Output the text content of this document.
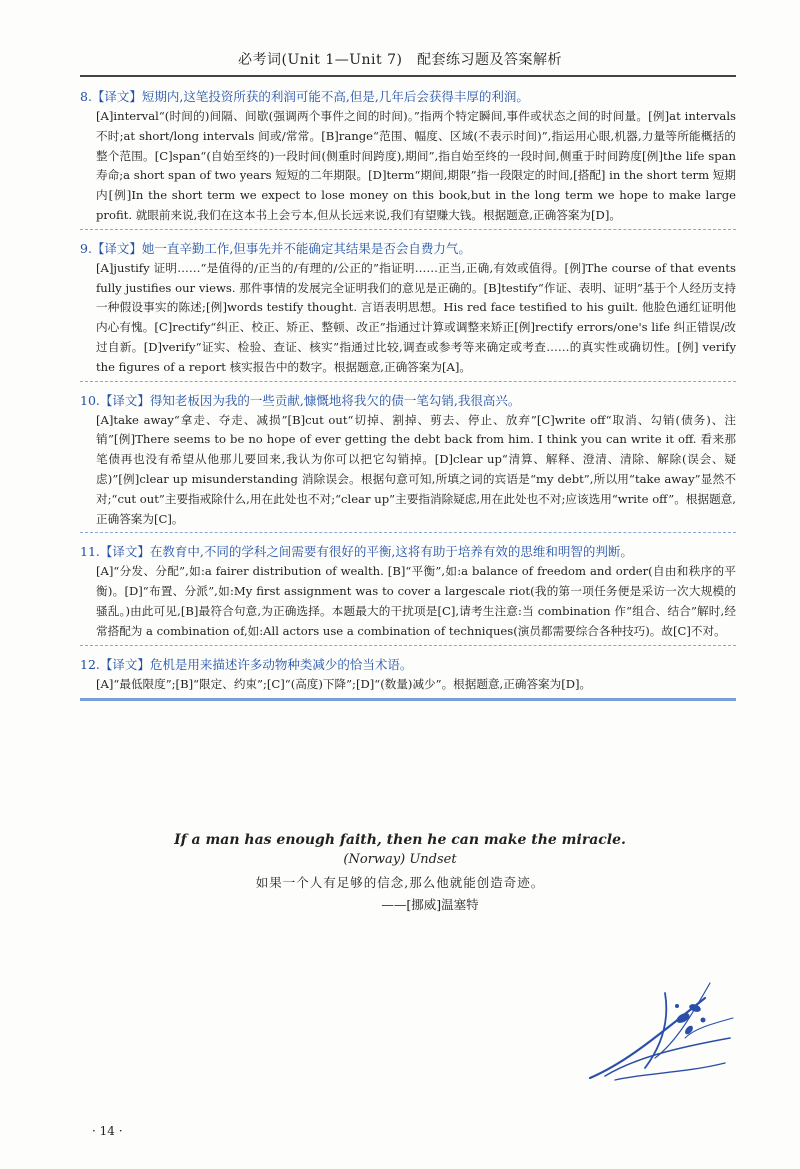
必考词(Unit 1—Unit 7)　配套练习题及答案解析
8.【译文】短期内,这笔投资所获的利润可能不高,但是,几年后会获得丰厚的利润。

[A]interval“(时间的)间隔、间歇(强调两个事件之间的时间)。”指两个特定瞬间,事件或状态之间的时间量。[例]at intervals 不时;at short/long intervals 间或/常常。[B]range“范围、幅度、区域(不表示时间)”,指运用心眼,机器,力量等所能概括的整个范围。[C]span“(自始至终的)一段时间(侧重时间跨度),期间”,指自始至终的一段时间,侧重于时间跨度[例]the life span 寿命;a short span of two years 短短的二年期限。[D]term“期间,期限”指一段限定的时间,[搭配] in the short term 短期内[例]In the short term we expect to lose money on this book,but in the long term we hope to make large profit. 就眼前来说,我们在这本书上会亏本,但从长远来说,我们有望赚大钱。根据题意,正确答案为[D]。

9.【译文】她一直辛勤工作,但事先并不能确定其结果是否会自费力气。

[A]justify 证明……“是值得的/正当的/有理的/公正的”指证明……正当,正确,有效或值得。[例]The course of that events fully justifies our views. 那件事情的发展完全证明我们的意见是正确的。[B]testify“作证、表明、证明”基于个人经历支持一种假设事实的陈述;[例]words testify thought. 言语表明思想。His red face testified to his guilt. 他脸色通红证明他内心有愧。[C]rectify“纠正、校正、矫正、整顿、改正”指通过计算或调整来矫正[例]rectify errors/one's life 纠正错误/改过自新。[D]verify“证实、检验、查证、核实”指通过比较,调查或参考等来确定或考查……的真实性或确切性。[例] verify the figures of a report 核实报告中的数字。根据题意,正确答案为[A]。

10.【译文】得知老板因为我的一些贡献,慷慨地将我欠的债一笔勾销,我很高兴。

[A]take away“拿走、夺走、减损”[B]cut out“切掉、割掉、剪去、停止、放弃”[C]write off“取消、勾销(债务)、注销”[例]There seems to be no hope of ever getting the debt back from him. I think you can write it off. 看来那笔债再也没有希望从他那儿要回来,我认为你可以把它勾销掉。[D]clear up“清算、解释、澄清、清除、解除(误会、疑虑)”[例]clear up misunderstanding 消除误会。根据句意可知,所填之词的宾语是“my debt”,所以用“take away”显然不对;“cut out”主要指戒除什么,用在此处也不对;“clear up”主要指消除疑虑,用在此处也不对;应该选用“write off”。根据题意,正确答案为[C]。

11.【译文】在教育中,不同的学科之间需要有很好的平衡,这将有助于培养有效的思维和明智的判断。

[A]“分发、分配”,如:a fairer distribution of wealth. [B]“平衡”,如:a balance of freedom and order(自由和秩序的平衡)。[D]“布置、分派”,如:My first assignment was to cover a largescale riot(我的第一项任务便是采访一次大规模的骚乱。)由此可见,[B]最符合句意,为正确选择。本题最大的干扰项是[C],请考生注意:当 combination 作“组合、结合”解时,经常搭配为 a combination of,如:All actors use a combination of techniques(演员都需要综合各种技巧)。故[C]不对。

12.【译文】危机是用来描述许多动物种类减少的恰当术语。

[A]“最低限度”;[B]“限定、约束”;[C]“(高度)下降”;[D]“(数量)减少”。根据题意,正确答案为[D]。

If a man has enough faith, then he can make the miracle.
(Norway) Undset
如果一个人有足够的信念,那么他就能创造奇迹。
——[挪威]温塞特
· 14 ·
